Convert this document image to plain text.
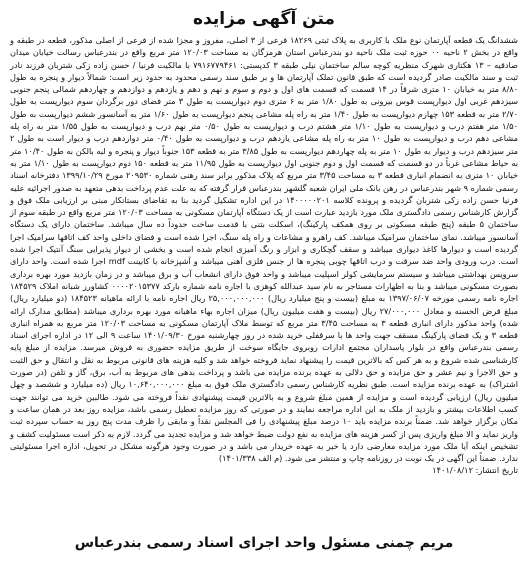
متن آگهی مزایده

ششدانگ یک قطعه آپارتمان نوع ملک با کاربری به پلاک ثبتی ۱۸۲۶۹ فرعی از ۳ اصلی، مفروز و مجزا شده از فرعی از اصلی مذکور، قطعه در طبقه و واقع در بخش ۲ ناحیه ۰۰ حوزه ثبت ملک ناحیه دو بندرعباس استان هرمزگان به مساحت ۱۲۰/۰۳ متر مربع واقع در بندرعباس رسالت خیابان میدان صادقیه – ۱۳ هکتاری شهرک منظریه کوچه سالم ساختمان نیلی طبقه ۳ کدپستی: ۷۹۱۶۷۷۹۴۶۱ با مالکیت فرنیا / حسن زاده زکی شتربان فرزند نادر ثبت و سند مالکیت صادر گردیده است که طبق قانون تملک آپارتمان ها و بر طبق سند رسمی محدود به حدود زیر است: شمالاً دیوار و پنجره به طول ۸/۸۰ متر به خیابان ۱۰ متری شرقاً در ۱۴ قسمت که قسمت های اول و دوم و سوم و نهم و دهم و یازدهم و دوازدهم و چهاردهم شمالی پنجم جنوبی سیزدهم غربی اول دیوارپست قوس بیرونی به طول ۱/۸۰ متر به ۶ متری دوم دیوارپست به طول ۳ متر فضای دور برگردان سوم دیوارپست به طول ۲/۷۰ متر به قطعه ۱۵۳ چهارم دیوارپست به طول ۱/۴۰ متر به راه پله مشاعی پنجم دیوارپست به طول ۱/۶۰ متر به آسانسور ششم دیوارپست به طول ۱/۵۰ متر هفتم درب و دیوارپست به طول ۱/۱۰ متر هشتم درب و دیوارپست به طول ۰/۵۰ متر نهم درب و دیوارپست به طول ۱/۵۵ متر به راه پله مشاعی دهم درب و دیوارپست به طول ۱۰ متر به راه پله مشاعی یازدهم درب و دیوارپست به طول ۰/۴۰ متر دوازدهم درب و دیوار است به طول ۲ متر سیزدهم درب و دیوار به طول ۱۰ متر به پله چهاردهم دیوارپست به طول ۳/۸۵ متر به قطعه ۱۵۳ جنوباً دیوار و پنجره و لبه بالکن به طول ۱۰/۴۰ متر به حیاط مشاعی غرباً در دو قسمت که قسمت اول و دوم جنوبی اول دیوارپست به طول ۱۱/۹۵ متر به قطعه ۱۵۰ دوم دیوارپست به طول ۱/۱۰ متر به خیابان ۱۰ متری به انضمام انباری قطعه ۳ به مساحت ۳/۴۵ متر مربع که پلاک مذکور برابر سند رهنی شماره ۲۰۹۵۳۰ مورخ ۱۳۹۹/۱۰/۲۹ دفترخانه اسناد رسمی شماره ۹ شهر بندرعباس در رهن بانک ملی ایران شعبه گلشهر بندرعباس قرار گرفته که به علت عدم پرداخت بدهی متعهد به صدور اجرائیه علیه فرنیا حسن زاده زکی شتربان گردیده و پرونده کلاسه ۱۴۰۰۰۰۰۲۰۱ در این اداره تشکیل گردید بنا به تقاضای بستانکار مبنی بر ارزیابی ملک فوق و گزارش کارشناس رسمی دادگستری ملک مورد بازدید عبارت است از یک دستگاه آپارتمان مسکونی به مساحت ۱۲۰/۰۳ متر مربع واقع در طبقه سوم از ساختمان ۵ طبقه (پنج طبقه مسکونی بر روی همکف پارکینگ)، اسکلت بتنی با قدمت ساخت حدوداً ده سال میباشد. ساختمان دارای یک دستگاه آسانسور میباشد. نمای ساختمان سرامیک میباشد. کف راهرو و مشاعات و راه پله سنگ، اجرا شده است و فضای داخلی واحد کف اتاقها سرامیک اجرا گردیده است و دیوارها کاغذ دیواری میباشد و سقف گچکاری و ابزار و رنگ آمیزی انجام شده است و بخشی از دیوار پذیرایی سنگ آنتیک اجرا شده است. درب ورودی واحد ضد سرقت و درب اتاقها چوبی پنجره ها از جنس فلزی آهنی میباشد و آشپزخانه با کابینت mdf اجرا شده است. واحد دارای سرویس بهداشتی میباشد و سیستم سرمایشی کولر اسپلیت میباشد و واحد فوق دارای انشعاب آب و برق میباشد و در زمان بازدید مورد بهره برداری بصورت مسکونی میباشد و بنا به اظهارات مستاجر به نام سید عبدالله کوهزی با اجاره نامه شماره بارکد ۰۰۰۰۲۰۱۵۳۷۷ کشاورز شبانه املاک ۱۸۴۵۲۹ اجاره نامه رسمی مورخه ۱۳۹۷/۰۶/۰۷ به مبلغ (بیست و پنج میلیارد ریال) ۲۵,۰۰۰,۰۰۰,۰۰۰ ریال اجاره نامه با ارائه ماهیانه ۱۸۴۵۲۳ (دو میلیارد ریال) مبلغ قرض الحسنه و معادل ۲۷/۰۰۰,۰۰۰ ریال (بیست و هفت میلیون ریال) میزان اجاره بهاء ماهیانه مورد بهره برداری میباشد (مطابق مدارک ارائه شده) واحد مذکور دارای انباری قطعه ۳ به مساحت ۳/۴۵ متر مربع که توسط ملاک آپارتمان مسکونی به مساحت ۱۲۰/۰۳ متر مربع به همراه انباری قطعه ۳ و یک فضای پارکینگ مسقف جهت واحد ها با سرقفلی خرید شده در روز چهارشنبه مورخ ۱۴۰۱/۰۹/۳۰ ساعت ۹ الی ۱۲ در اداره اجرای اسناد رسمی بندرعباس واقع در بلوار پاسداران مجتمع ادارات روبروی جایگاه سوخت از طریق مزایده حضوری به فروش میرسد. مزایده از مبلغ پایه کارشناسی شده شروع و به هر کس که بالاترین قیمت را پیشنهاد نماید فروخته خواهد شد و کلیه هزینه های قانونی مربوط به نقل و انتقال و حق الثبت و حق الاجرا و نیم عشر و حق مزایده و حق دلالی به عهده برنده مزایده می باشد و پرداخت بدهی های مربوط به آب، برق، گاز و تلفن (در صورت اشتراک) به عهده برنده مزایده است. طبق نظریه کارشناس رسمی دادگستری ملک فوق به مبلغ ۱۰,۶۴۰,۰۰۰,۰۰۰ ریال (ده میلیارد و ششصد و چهل میلیون ریال) ارزیابی گردیده است و مزایده از همین مبلغ شروع و به بالاترین قیمت پیشنهادی نقداً فروخته می شود. طالبین خرید می توانند جهت کسب اطلاعات بیشتر و بازدید از ملک به این اداره مراجعه نمایند و در صورتی که روز مزایده تعطیل رسمی باشد، مزایده روز بعد در همان ساعت و مکان برگزار خواهد شد. ضمناً برنده مزایده باید ۱۰ درصد مبلغ پیشنهادی را فی المجلس نقداً و مابقی را ظرف مدت پنج روز به حساب سپرده ثبت واریز نماید و الا مبلغ واریزی پس از کسر هزینه های مزایده به نفع دولت ضبط خواهد شد و مزایده تجدید می گردد. لازم به ذکر است مسئولیت کشف و تشخیص اینکه آیا ملک مورد مزایده معارضی دارد یا خیر به عهده خریدار می باشد و در صورت وجود هرگونه مشکل در تحویل، اداره اجرا مسئولیتی ندارد. ضمناً این آگهی در یک نوبت در روزنامه چاپ و منتشر می شود. (م الف ۱۴۰۱/۳۳۸)

تاریخ انتشار: ۱۴۰۱/۰۸/۱۲
مریم چمنی مسئول واحد اجرای اسناد رسمی بندرعباس
